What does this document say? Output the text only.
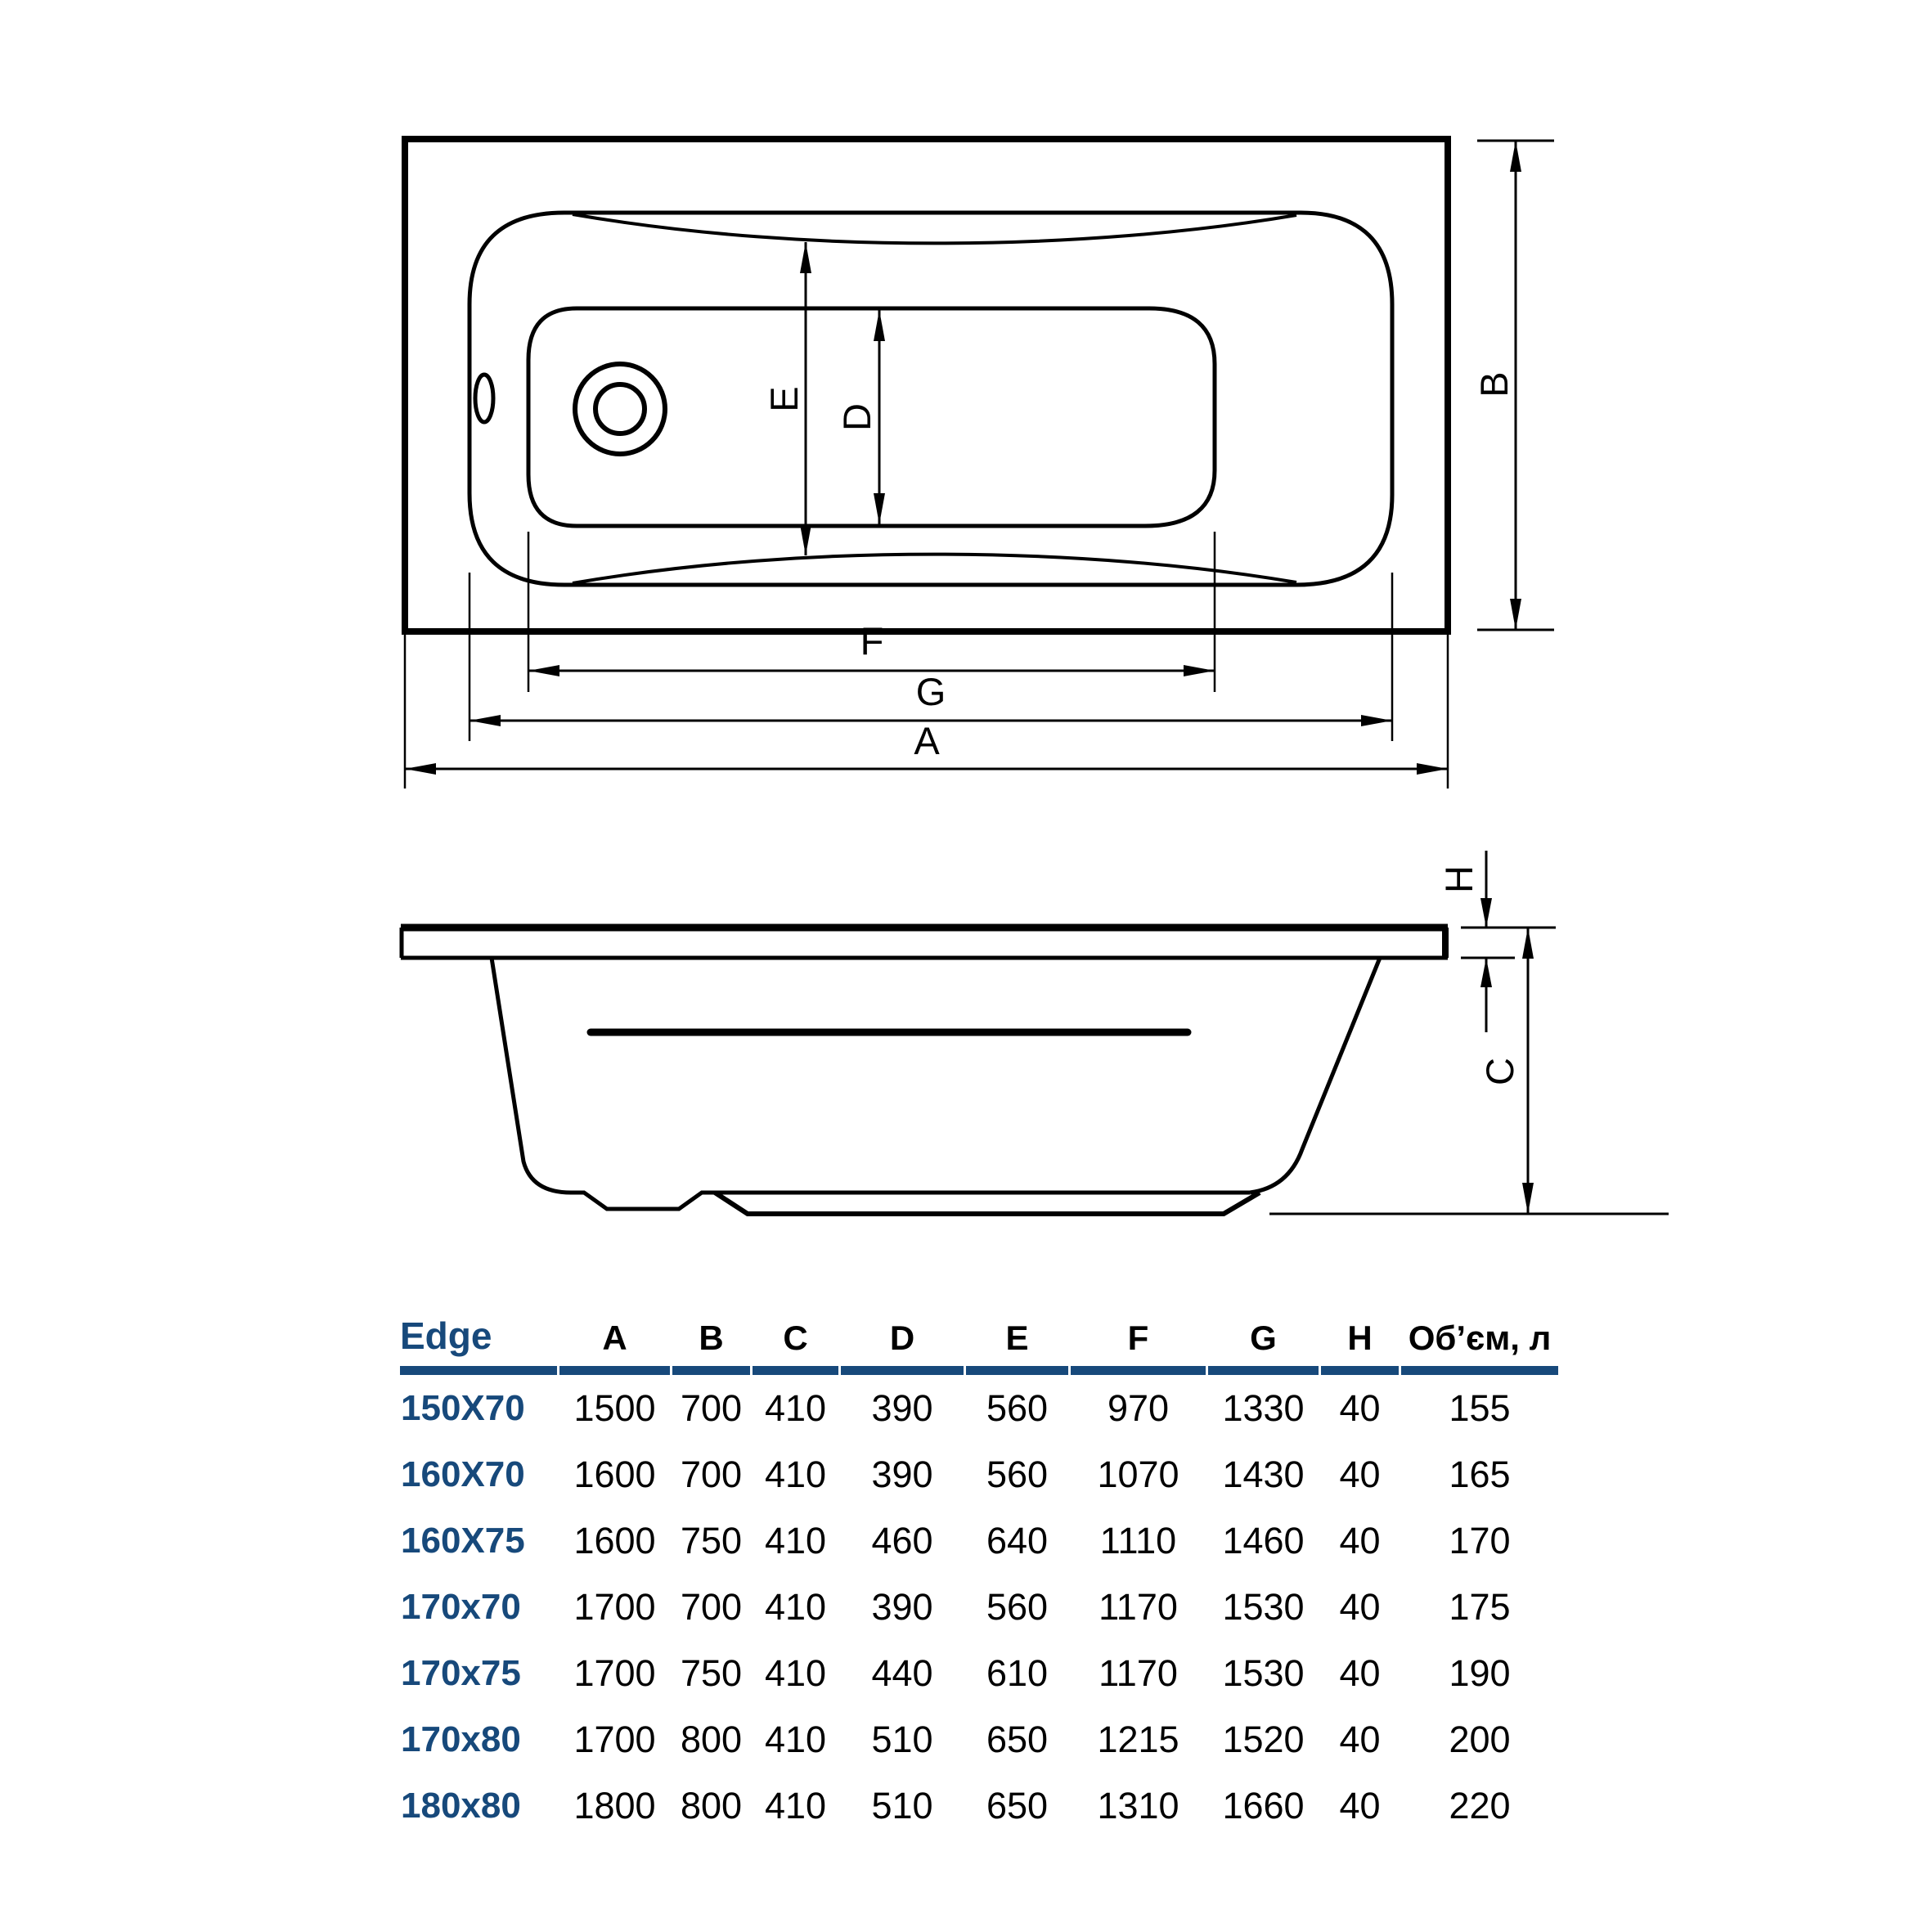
E
D
B
F
G
A
H
C
Edge	A	B	C	D	E	F	G	H	Об’єм, л
150X70	1500	700	410	390	560	970	1330	40	155
160X70	1600	700	410	390	560	1070	1430	40	165
160X75	1600	750	410	460	640	1110	1460	40	170
170x70	1700	700	410	390	560	1170	1530	40	175
170x75	1700	750	410	440	610	1170	1530	40	190
170x80	1700	800	410	510	650	1215	1520	40	200
180x80	1800	800	410	510	650	1310	1660	40	220
